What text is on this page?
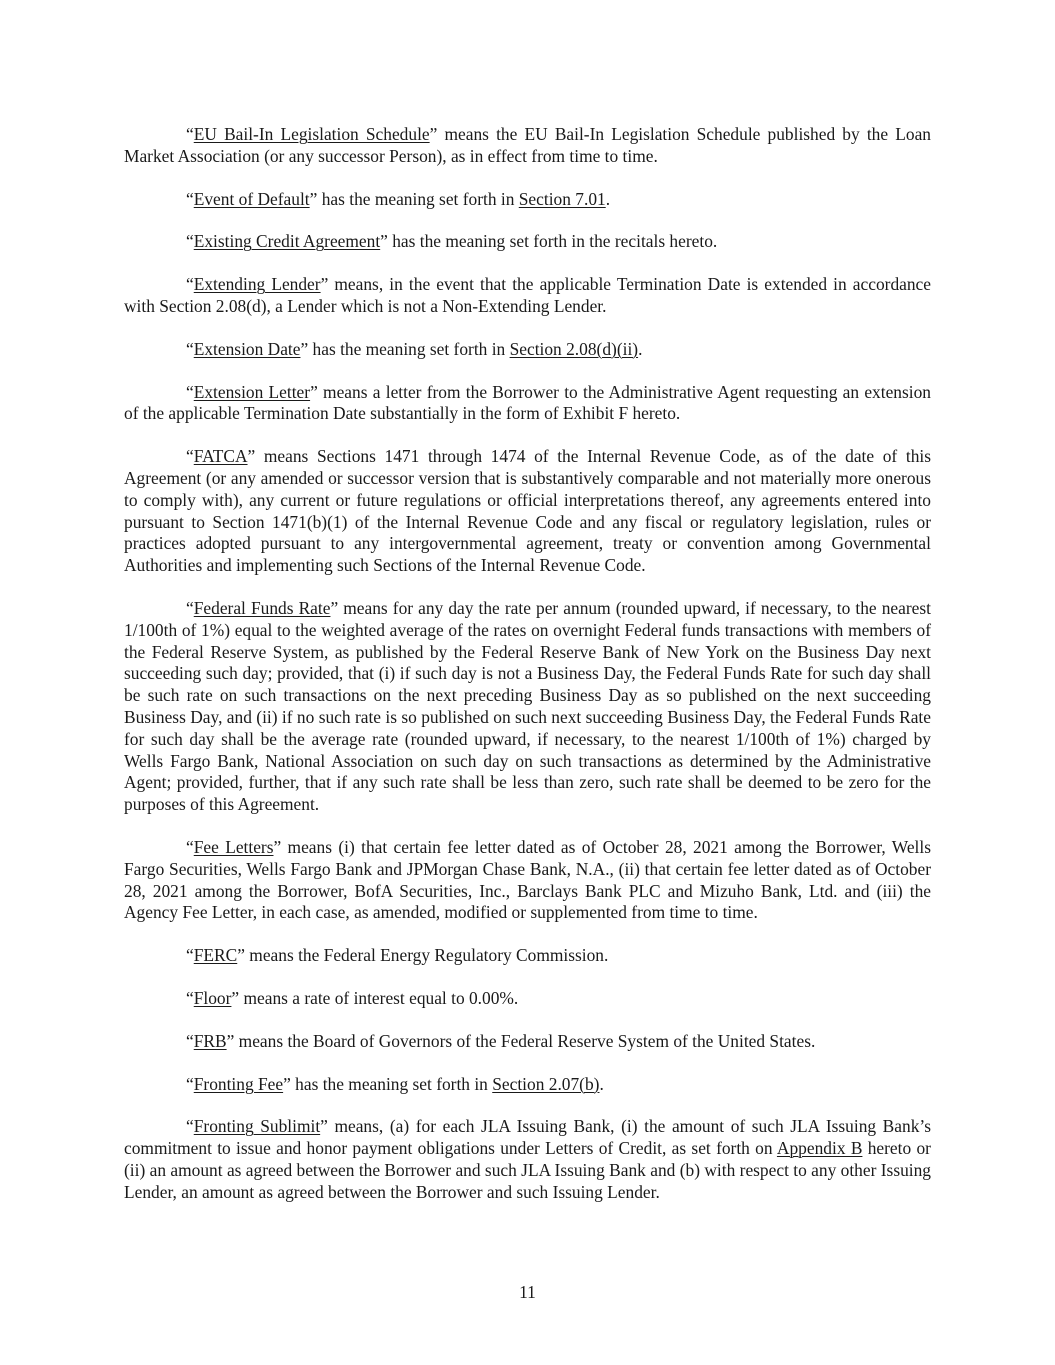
“EU Bail-In Legislation Schedule” means the EU Bail-In Legislation Schedule published by the Loan Market Association (or any successor Person), as in effect from time to time.

“Event of Default” has the meaning set forth in Section 7.01.

“Existing Credit Agreement” has the meaning set forth in the recitals hereto.

“Extending Lender” means, in the event that the applicable Termination Date is extended in accordance with Section 2.08(d), a Lender which is not a Non-Extending Lender.

“Extension Date” has the meaning set forth in Section 2.08(d)(ii).

“Extension Letter” means a letter from the Borrower to the Administrative Agent requesting an extension of the applicable Termination Date substantially in the form of Exhibit F hereto.

“FATCA” means Sections 1471 through 1474 of the Internal Revenue Code, as of the date of this Agreement (or any amended or successor version that is substantively comparable and not materially more onerous to comply with), any current or future regulations or official interpretations thereof, any agreements entered into pursuant to Section 1471(b)(1) of the Internal Revenue Code and any fiscal or regulatory legislation, rules or practices adopted pursuant to any intergovernmental agreement, treaty or convention among Governmental Authorities and implementing such Sections of the Internal Revenue Code.

“Federal Funds Rate” means for any day the rate per annum (rounded upward, if necessary, to the nearest 1/100th of 1%) equal to the weighted average of the rates on overnight Federal funds transactions with members of the Federal Reserve System, as published by the Federal Reserve Bank of New York on the Business Day next succeeding such day; provided, that (i) if such day is not a Business Day, the Federal Funds Rate for such day shall be such rate on such transactions on the next preceding Business Day as so published on the next succeeding Business Day, and (ii) if no such rate is so published on such next succeeding Business Day, the Federal Funds Rate for such day shall be the average rate (rounded upward, if necessary, to the nearest 1/100th of 1%) charged by Wells Fargo Bank, National Association on such day on such transactions as determined by the Administrative Agent; provided, further, that if any such rate shall be less than zero, such rate shall be deemed to be zero for the purposes of this Agreement.

“Fee Letters” means (i) that certain fee letter dated as of October 28, 2021 among the Borrower, Wells Fargo Securities, Wells Fargo Bank and JPMorgan Chase Bank, N.A., (ii) that certain fee letter dated as of October 28, 2021 among the Borrower, BofA Securities, Inc., Barclays Bank PLC and Mizuho Bank, Ltd. and (iii) the Agency Fee Letter, in each case, as amended, modified or supplemented from time to time.

“FERC” means the Federal Energy Regulatory Commission.

“Floor” means a rate of interest equal to 0.00%.

“FRB” means the Board of Governors of the Federal Reserve System of the United States.

“Fronting Fee” has the meaning set forth in Section 2.07(b).

“Fronting Sublimit” means, (a) for each JLA Issuing Bank, (i) the amount of such JLA Issuing Bank’s commitment to issue and honor payment obligations under Letters of Credit, as set forth on Appendix B hereto or (ii) an amount as agreed between the Borrower and such JLA Issuing Bank and (b) with respect to any other Issuing Lender, an amount as agreed between the Borrower and such Issuing Lender.

11
